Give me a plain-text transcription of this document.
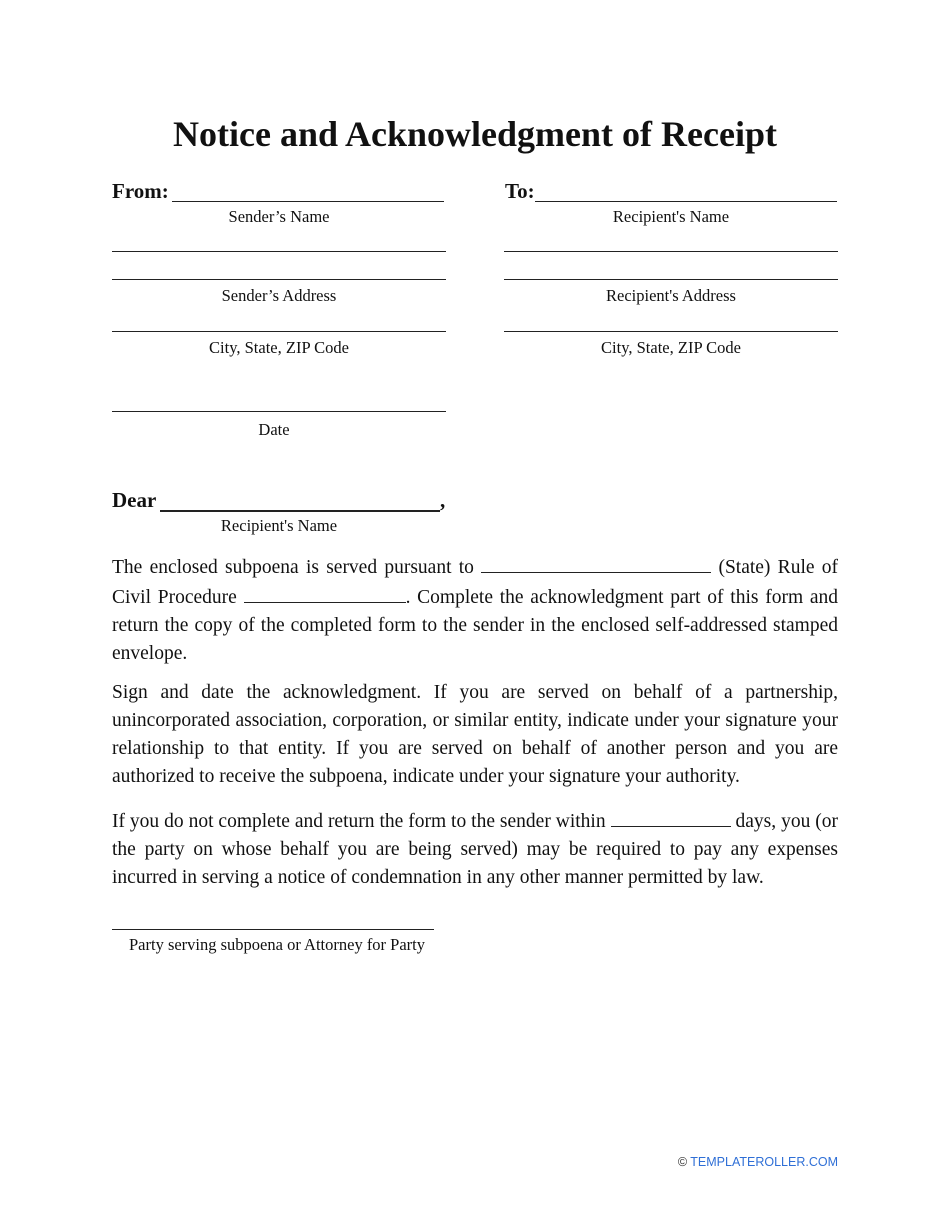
Notice and Acknowledgment of Receipt
From:
Sender’s Name
Sender’s Address
City, State, ZIP Code
Date
To:
Recipient's Name
Recipient's Address
City, State, ZIP Code
Dear	,
Recipient's Name

The enclosed subpoena is served pursuant to	(State) Rule of Civil Procedure	. Complete the acknowledgment part of this form and return the copy of the completed form to the sender in the enclosed self-addressed stamped envelope.

Sign and date the acknowledgment. If you are served on behalf of a partnership, unincorporated association, corporation, or similar entity, indicate under your signature your relationship to that entity. If you are served on behalf of another person and you are authorized to receive the subpoena, indicate under your signature your authority.

If you do not complete and return the form to the sender within	days, you (or the party on whose behalf you are being served) may be required to pay any expenses incurred in serving a notice of condemnation in any other manner permitted by law.

Party serving subpoena or Attorney for Party
© TEMPLATEROLLER.COM
